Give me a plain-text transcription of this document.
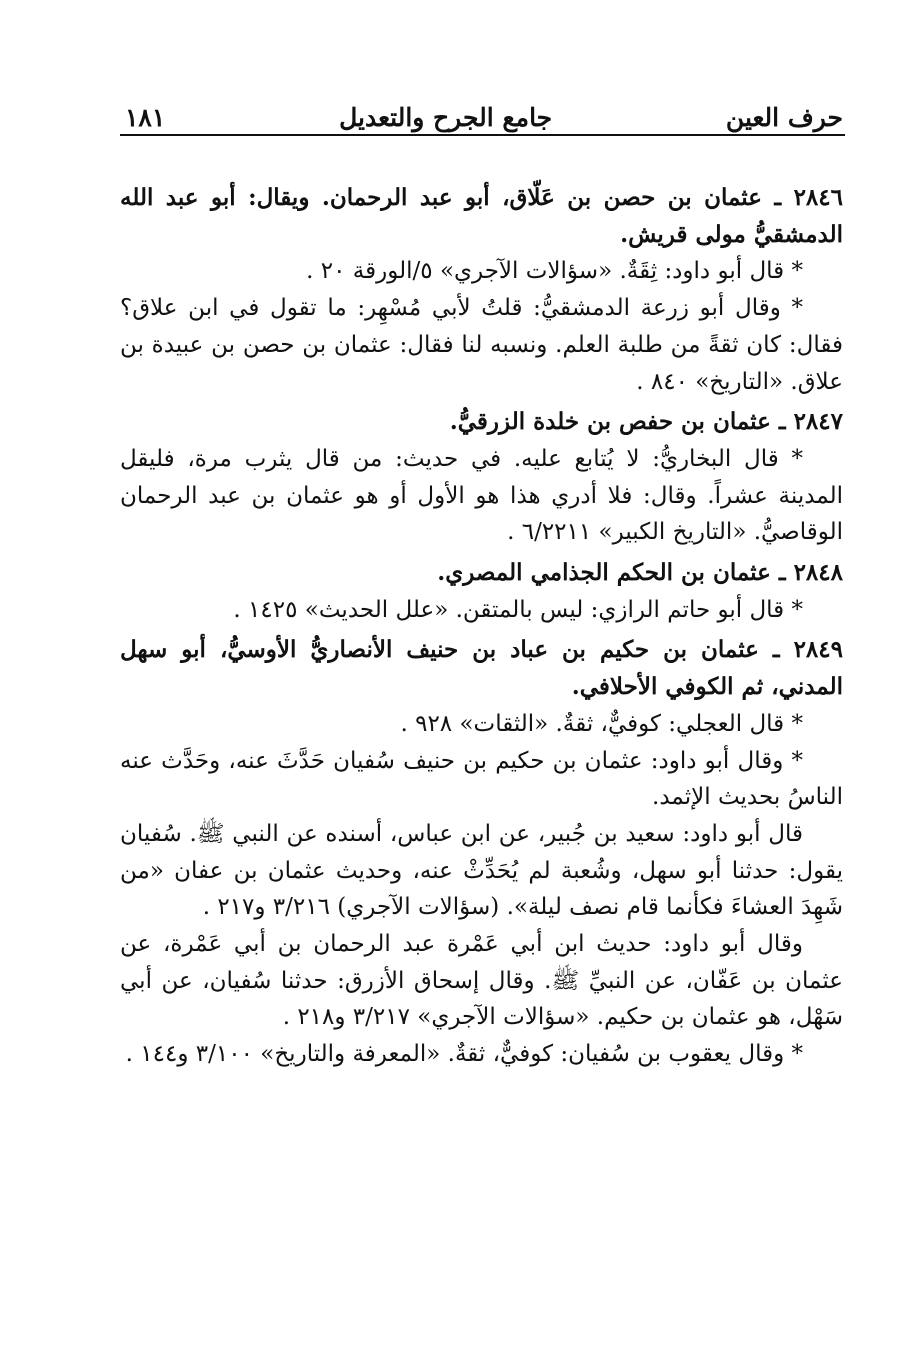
حرف العين
جامع الجرح والتعديل
١٨١

٢٨٤٦ ـ عثمان بن حصن بن عَلّاق، أبو عبد الرحمان. ويقال: أبو عبد الله الدمشقيُّ مولى قريش.

* قال أبو داود: ثِقَةٌ. «سؤالات الآجري» ٥/الورقة ٢٠ .

* وقال أبو زرعة الدمشقيُّ: قلتُ لأبي مُسْهِر: ما تقول في ابن علاق؟ فقال: كان ثقةً من طلبة العلم. ونسبه لنا فقال: عثمان بن حصن بن عبيدة بن علاق. «التاريخ» ٨٤٠ .

٢٨٤٧ ـ عثمان بن حفص بن خلدة الزرقيُّ.

* قال البخاريُّ: لا يُتابع عليه. في حديث: من قال يثرب مرة، فليقل المدينة عشراً. وقال: فلا أدري هذا هو الأول أو هو عثمان بن عبد الرحمان الوقاصيُّ. «التاريخ الكبير» ٦/٢٢١١ .

٢٨٤٨ ـ عثمان بن الحكم الجذامي المصري.

* قال أبو حاتم الرازي: ليس بالمتقن. «علل الحديث» ١٤٢٥ .

٢٨٤٩ ـ عثمان بن حكيم بن عباد بن حنيف الأنصاريُّ الأوسيُّ، أبو سهل المدني، ثم الكوفي الأحلافي.

* قال العجلي: كوفيٌّ، ثقةٌ. «الثقات» ٩٢٨ .

* وقال أبو داود: عثمان بن حكيم بن حنيف سُفيان حَدَّثَ عنه، وحَدَّث عنه الناسُ بحديث الإثمد.

قال أبو داود: سعيد بن جُبير، عن ابن عباس، أسنده عن النبي ﷺ. سُفيان يقول: حدثنا أبو سهل، وشُعبة لم يُحَدِّثْ عنه، وحديث عثمان بن عفان «من شَهِدَ العشاءَ فكأنما قام نصف ليلة». (سؤالات الآجري) ٣/٢١٦ و٢١٧ .

وقال أبو داود: حديث ابن أبي عَمْرة عبد الرحمان بن أبي عَمْرة، عن عثمان بن عَفّان، عن النبيِّ ﷺ. وقال إسحاق الأزرق: حدثنا سُفيان، عن أبي سَهْل، هو عثمان بن حكيم. «سؤالات الآجري» ٣/٢١٧ و٢١٨ .

* وقال يعقوب بن سُفيان: كوفيٌّ، ثقةٌ. «المعرفة والتاريخ» ٣/١٠٠ و١٤٤ .
